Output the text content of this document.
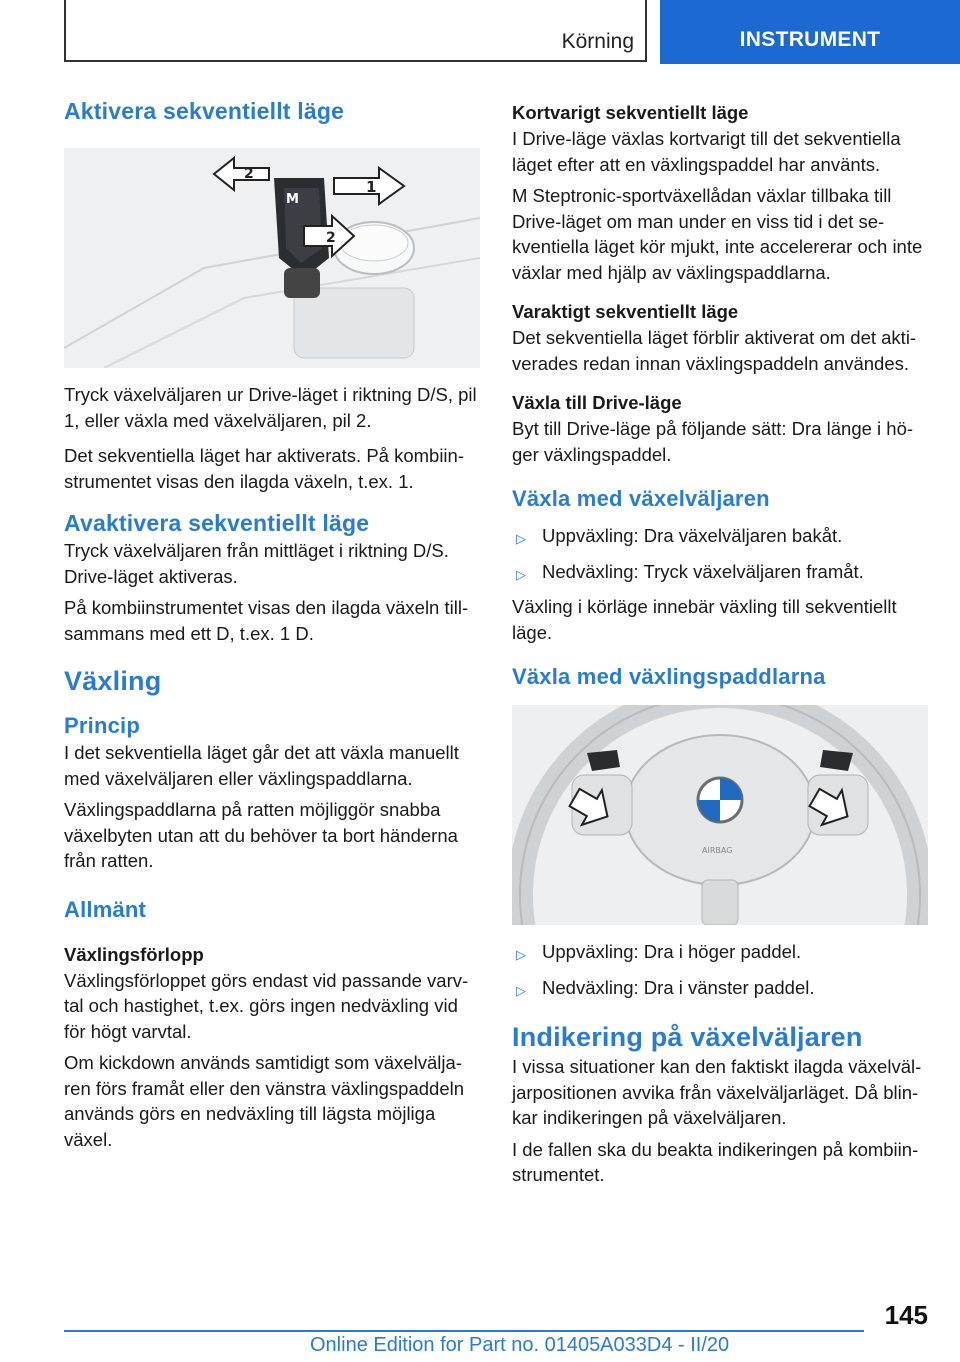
Körning	INSTRUMENT
Aktivera sekventiellt läge
M
1
2
2

Tryck växelväljaren ur Drive-läget i riktning D/S, pil 1, eller växla med växelväljaren, pil 2.

Det sekventiella läget har aktiverats. På kombiin-strumentet visas den ilagda växeln, t.ex. 1.

Avaktivera sekventiellt läge

Tryck växelväljaren från mittläget i riktning D/S. Drive-läget aktiveras.

På kombiinstrumentet visas den ilagda växeln till-sammans med ett D, t.ex. 1 D.

Växling
Princip

I det sekventiella läget går det att växla manuellt med växelväljaren eller växlingspaddlarna.

Växlingspaddlarna på ratten möjliggör snabba växelbyten utan att du behöver ta bort händerna från ratten.

Allmänt
Växlingsförlopp

Växlingsförloppet görs endast vid passande varv-tal och hastighet, t.ex. görs ingen nedväxling vid för högt varvtal.

Om kickdown används samtidigt som växelvälja-ren förs framåt eller den vänstra växlingspaddeln används görs en nedväxling till lägsta möjliga växel.

Kortvarigt sekventiellt läge

I Drive-läge växlas kortvarigt till det sekventiella läget efter att en växlingspaddel har använts.

M Steptronic-sportväxellådan växlar tillbaka till Drive-läget om man under en viss tid i det se-kventiella läget kör mjukt, inte accelererar och inte växlar med hjälp av växlingspaddlarna.

Varaktigt sekventiellt läge

Det sekventiella läget förblir aktiverat om det akti-verades redan innan växlingspaddeln användes.

Växla till Drive-läge

Byt till Drive-läge på följande sätt: Dra länge i hö-ger växlingspaddel.

Växla med växelväljaren
▷ Uppväxling: Dra växelväljaren bakåt.
▷ Nedväxling: Tryck växelväljaren framåt.

Växling i körläge innebär växling till sekventiellt läge.

Växla med växlingspaddlarna
AIRBAG
▷ Uppväxling: Dra i höger paddel.
▷ Nedväxling: Dra i vänster paddel.
Indikering på växelväljaren

I vissa situationer kan den faktiskt ilagda växelväl-jarpositionen avvika från växelväljarläget. Då blin-kar indikeringen på växelväljaren.

I de fallen ska du beakta indikeringen på kombiin-strumentet.

145
Online Edition for Part no. 01405A033D4 - II/20
